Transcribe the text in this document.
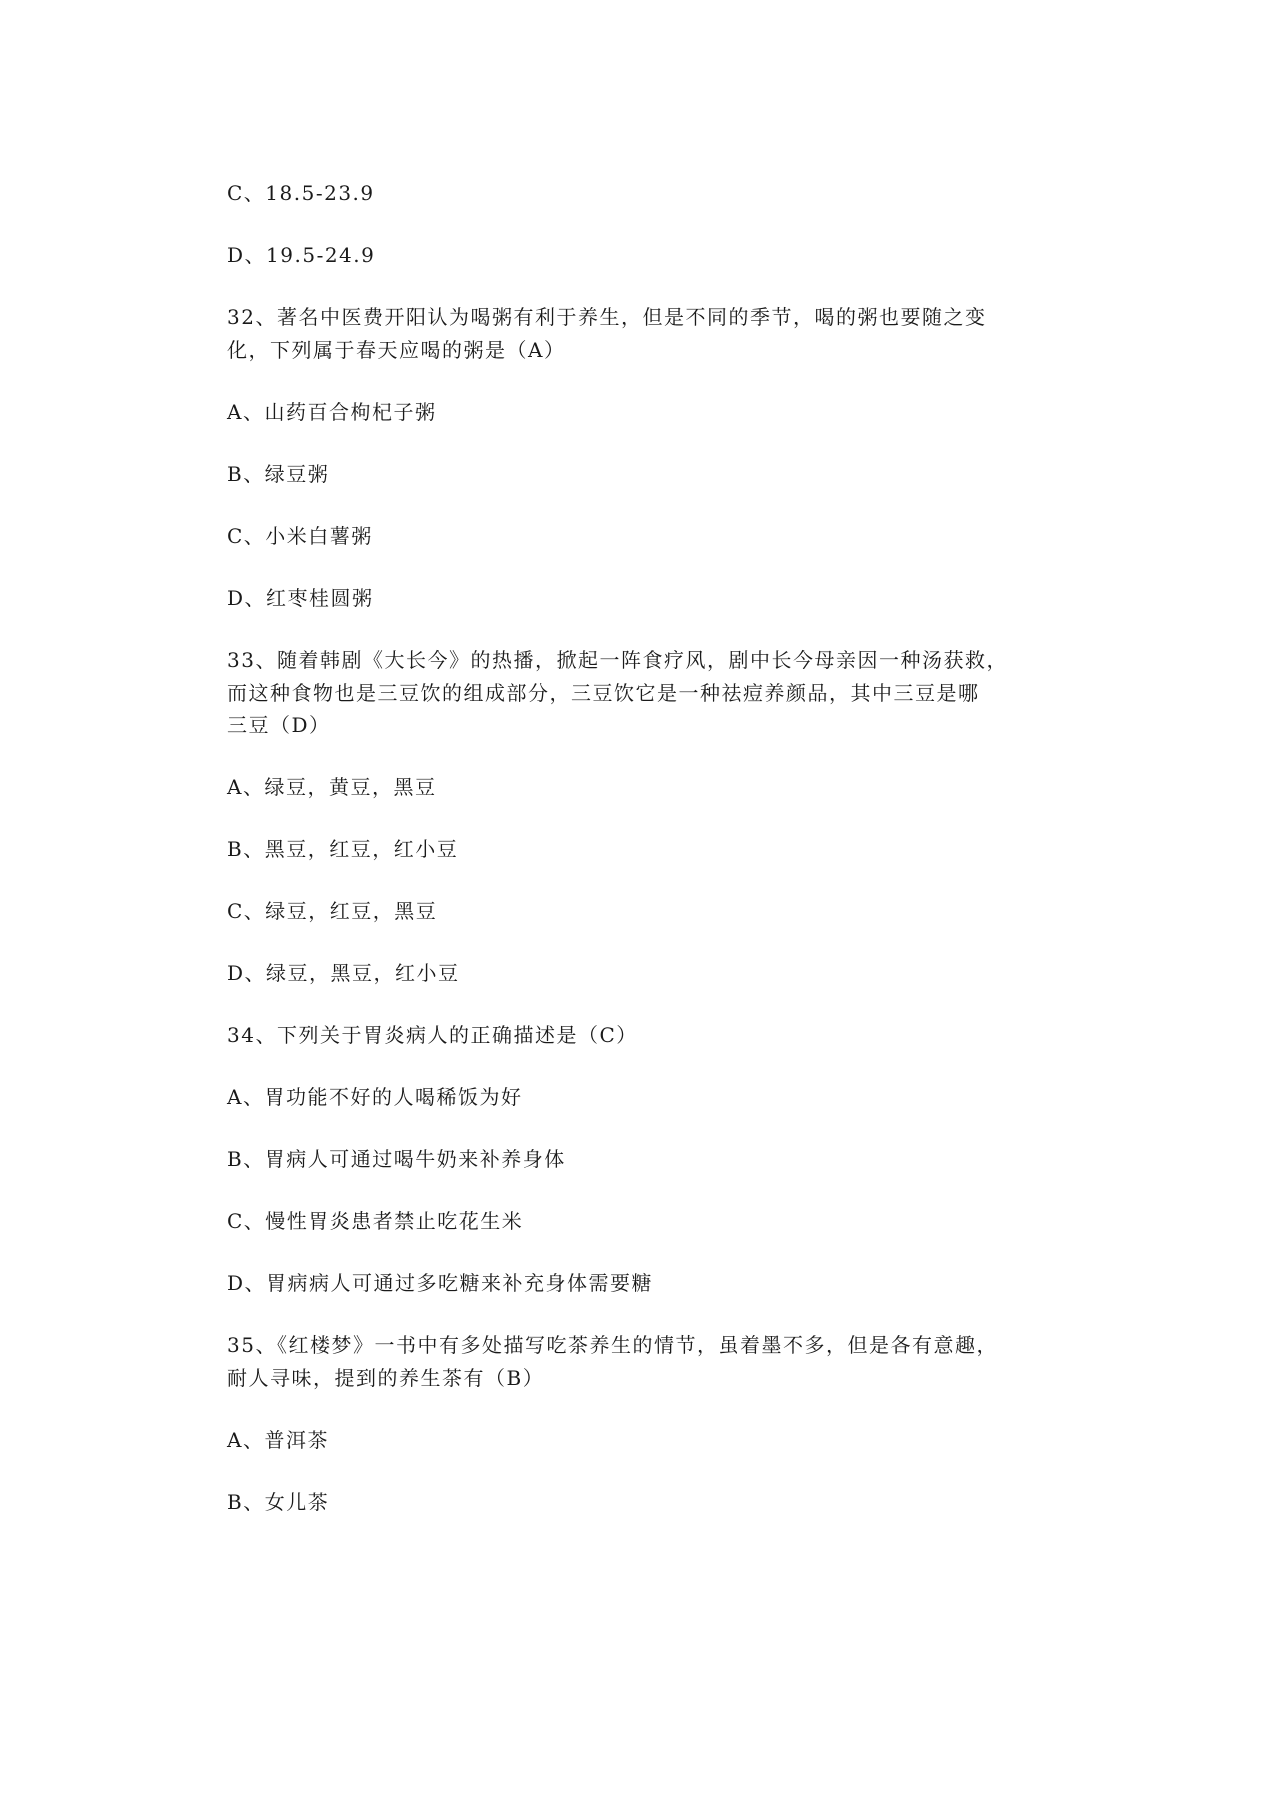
C、18.5-23.9
D、19.5-24.9
32、著名中医费开阳认为喝粥有利于养生，但是不同的季节，喝的粥也要随之变
化，下列属于春天应喝的粥是（A）
A、山药百合枸杞子粥
B、绿豆粥
C、小米白薯粥
D、红枣桂圆粥
33、随着韩剧《大长今》的热播，掀起一阵食疗风，剧中长今母亲因一种汤获救，
而这种食物也是三豆饮的组成部分，三豆饮它是一种祛痘养颜品，其中三豆是哪
三豆（D）
A、绿豆，黄豆，黑豆
B、黑豆，红豆，红小豆
C、绿豆，红豆，黑豆
D、绿豆，黑豆，红小豆
34、下列关于胃炎病人的正确描述是（C）
A、胃功能不好的人喝稀饭为好
B、胃病人可通过喝牛奶来补养身体
C、慢性胃炎患者禁止吃花生米
D、胃病病人可通过多吃糖来补充身体需要糖
35、《红楼梦》一书中有多处描写吃茶养生的情节，虽着墨不多，但是各有意趣，
耐人寻味，提到的养生茶有（B）
A、普洱茶
B、女儿茶
